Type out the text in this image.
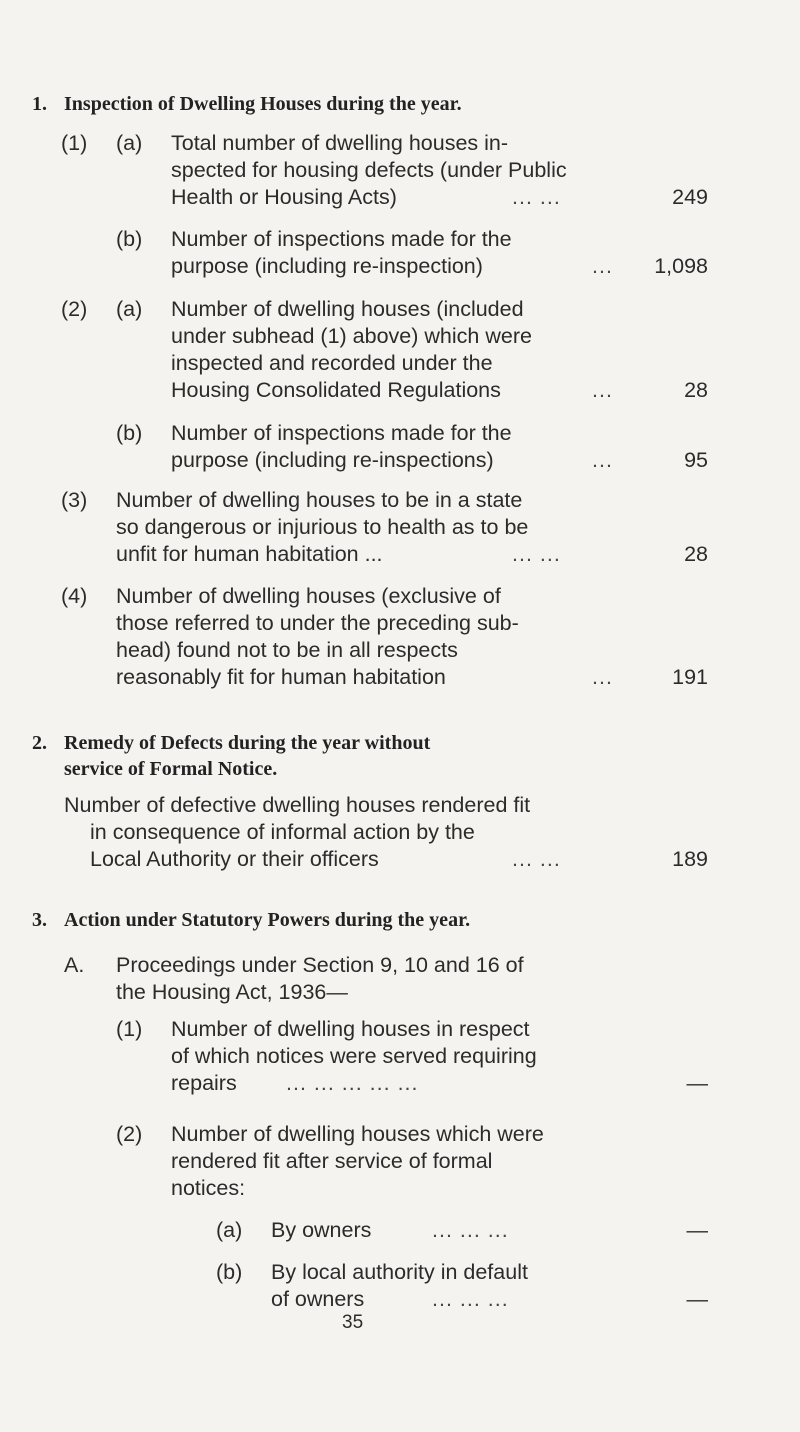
1. Inspection of Dwelling Houses during the year.
(1) (a) Total number of dwelling houses in-
spected for housing defects (under Public
Health or Housing Acts)	... ...	249
(b) Number of inspections made for the
purpose (including re-inspection)	... 1,098
(2) (a) Number of dwelling houses (included
under subhead (1) above) which were
inspected and recorded under the
Housing Consolidated Regulations	...	28
(b) Number of inspections made for the
purpose (including re-inspections)	...	95
(3) Number of dwelling houses to be in a state
so dangerous or injurious to health as to be
unfit for human habitation ...	... ...	28
(4) Number of dwelling houses (exclusive of
those referred to under the preceding sub-
head) found not to be in all respects
reasonably fit for human habitation	...	191
2. Remedy of Defects during the year without
service of Formal Notice.
Number of defective dwelling houses rendered fit
in consequence of informal action by the
Local Authority or their officers	... ...	189
3. Action under Statutory Powers during the year.
A. Proceedings under Section 9, 10 and 16 of
the Housing Act, 1936—
(1) Number of dwelling houses in respect
of which notices were served requiring
repairs ... ... ... ... ...	—
(2) Number of dwelling houses which were
rendered fit after service of formal
notices:
(a) By owners	... ... ...	—
(b) By local authority in default
of owners	... ... ...	—
35
